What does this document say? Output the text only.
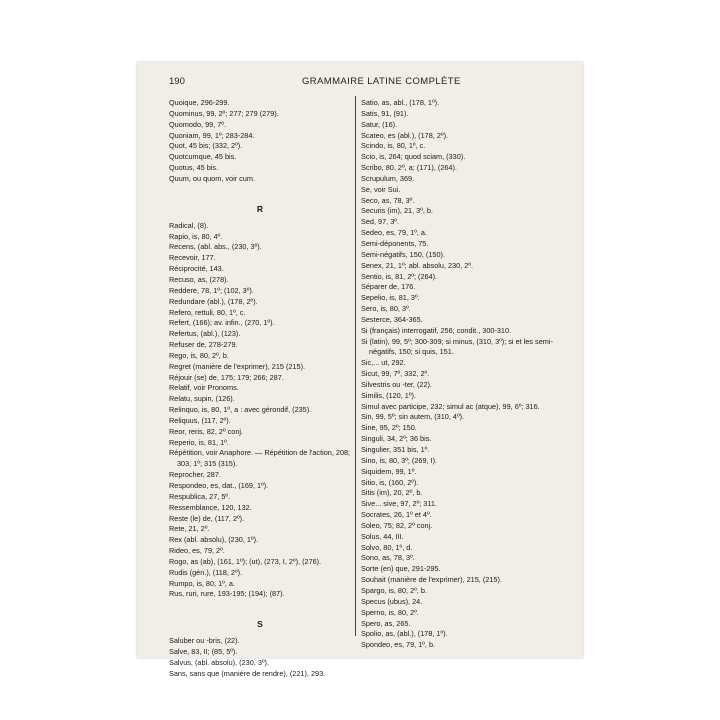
190	GRAMMAIRE LATINE COMPLÈTE
Quoique, 296-299.
Quominus, 99, 2º; 277; 279 (279).
Quomodo, 99, 7º.
Quoniam, 99, 1º; 283-284.
Quot, 45 bis; (332, 2º).
Quotcumque, 45 bis.
Quotus, 45 bis.
Quum, ou quom, voir cum.
R
Radical, (8).
Rapio, is, 80, 4º.
Recens, (abl. abs., (230, 3º).
Recevoir, 177.
Réciprocité, 143.
Recuso, as, (278).
Reddere, 78, 1º; (102, 3º).
Redundare (abl.), (178, 2º).
Refero, rettuli, 80, 1º, c.
Refert, (166); av. infin., (270, 1º).
Refertus, (abl.), (123).
Refuser de, 278-279.
Rego, is, 80, 2º, b.
Regret (manière de l'exprimer), 215 (215).
Réjouir (se) de, 175; 179; 266; 287.
Relatif, voir Pronoms.
Relatu, supin, (126).
Relinquo, is, 80, 1º, a : avec gérondif, (235).
Reliquus, (117, 2º).
Reor, reris, 82, 2º conj.
Reperio, is, 81, 1º.
Répétition, voir Anaphore. — Répétition de l'action, 208; 303, 1º; 315 (315).
Reprocher, 287.
Respondeo, es, dat., (169, 1º).
Respublica, 27, 5º.
Ressemblance, 120, 132.
Reste (le) de, (117, 2º).
Rete, 21, 2º.
Rex (abl. absolu), (230, 1º).
Rideo, es, 79, 2º.
Rogo, as (ab), (161, 1º); (ut), (273, I, 2º), (276).
Rudis (gén.), (118, 2º).
Rumpo, is, 80, 1º, a.
Rus, ruri, rure, 193-195; (194); (87).
S
Saluber ou -bris, (22).
Salve, 83, II; (85, 5º).
Salvus, (abl. absolu), (230, 3º).
Sans, sans que (manière de rendre), (221), 293.
Satio, as, abl., (178, 1º).
Satis, 91, (91).
Satur, (16).
Scateo, es (abl.), (178, 2º).
Scindo, is, 80, 1º, c.
Scio, is, 264; quod sciam, (330).
Scribo, 80, 2º, a; (171), (264).
Scrupulum, 369.
Se, voir Sui.
Seco, as, 78, 3º.
Securis (im), 21, 3º, b.
Sed, 97, 3º.
Sedeo, es, 79, 1º, a.
Semi-déponents, 75.
Semi-négatifs, 150, (150).
Senex, 21, 1º; abl. absolu, 230, 2º.
Sentio, is, 81, 2º; (264).
Séparer de, 176.
Sepelio, is, 81, 3º.
Sero, is, 80, 3º.
Sesterce, 364-365.
Si (français) interrogatif, 256; condit., 300-310.
Si (latin), 99, 5º; 300-309; si minus, (310, 3º); si et les semi-négatifs, 150; si quis, 151.
Sic,... ut, 292.
Sicut, 99, 7º, 332, 2º.
Silvestris ou -ter, (22).
Similis, (120, 1º).
Simul avec participe, 232; simul ac (atque), 99, 6º; 316.
Sin, 99, 5º; sin autem, (310, 4º).
Sine, 95, 2º; 150.
Singuli, 34, 2º; 36 bis.
Singulier, 351 bis, 1º.
Sino, is, 80, 3º; (269, I).
Siquidem, 99, 1º.
Sitio, is, (160, 2º).
Sitis (im), 20, 2º, b.
Sive... sive, 97, 2º; 311.
Socrates, 26, 1º et 4º.
Soleo, 75; 82, 2º conj.
Solus, 44, III.
Solvo, 80, 1º, d.
Sono, as, 78, 3º.
Sorte (en) que, 291-295.
Souhait (manière de l'exprimer), 215, (215).
Spargo, is, 80, 2º, b.
Specus (ubus), 24.
Sperno, is, 80, 2º.
Spero, as, 265.
Spolio, as, (abl.), (178, 1º).
Spondeo, es, 79, 1º, b.
